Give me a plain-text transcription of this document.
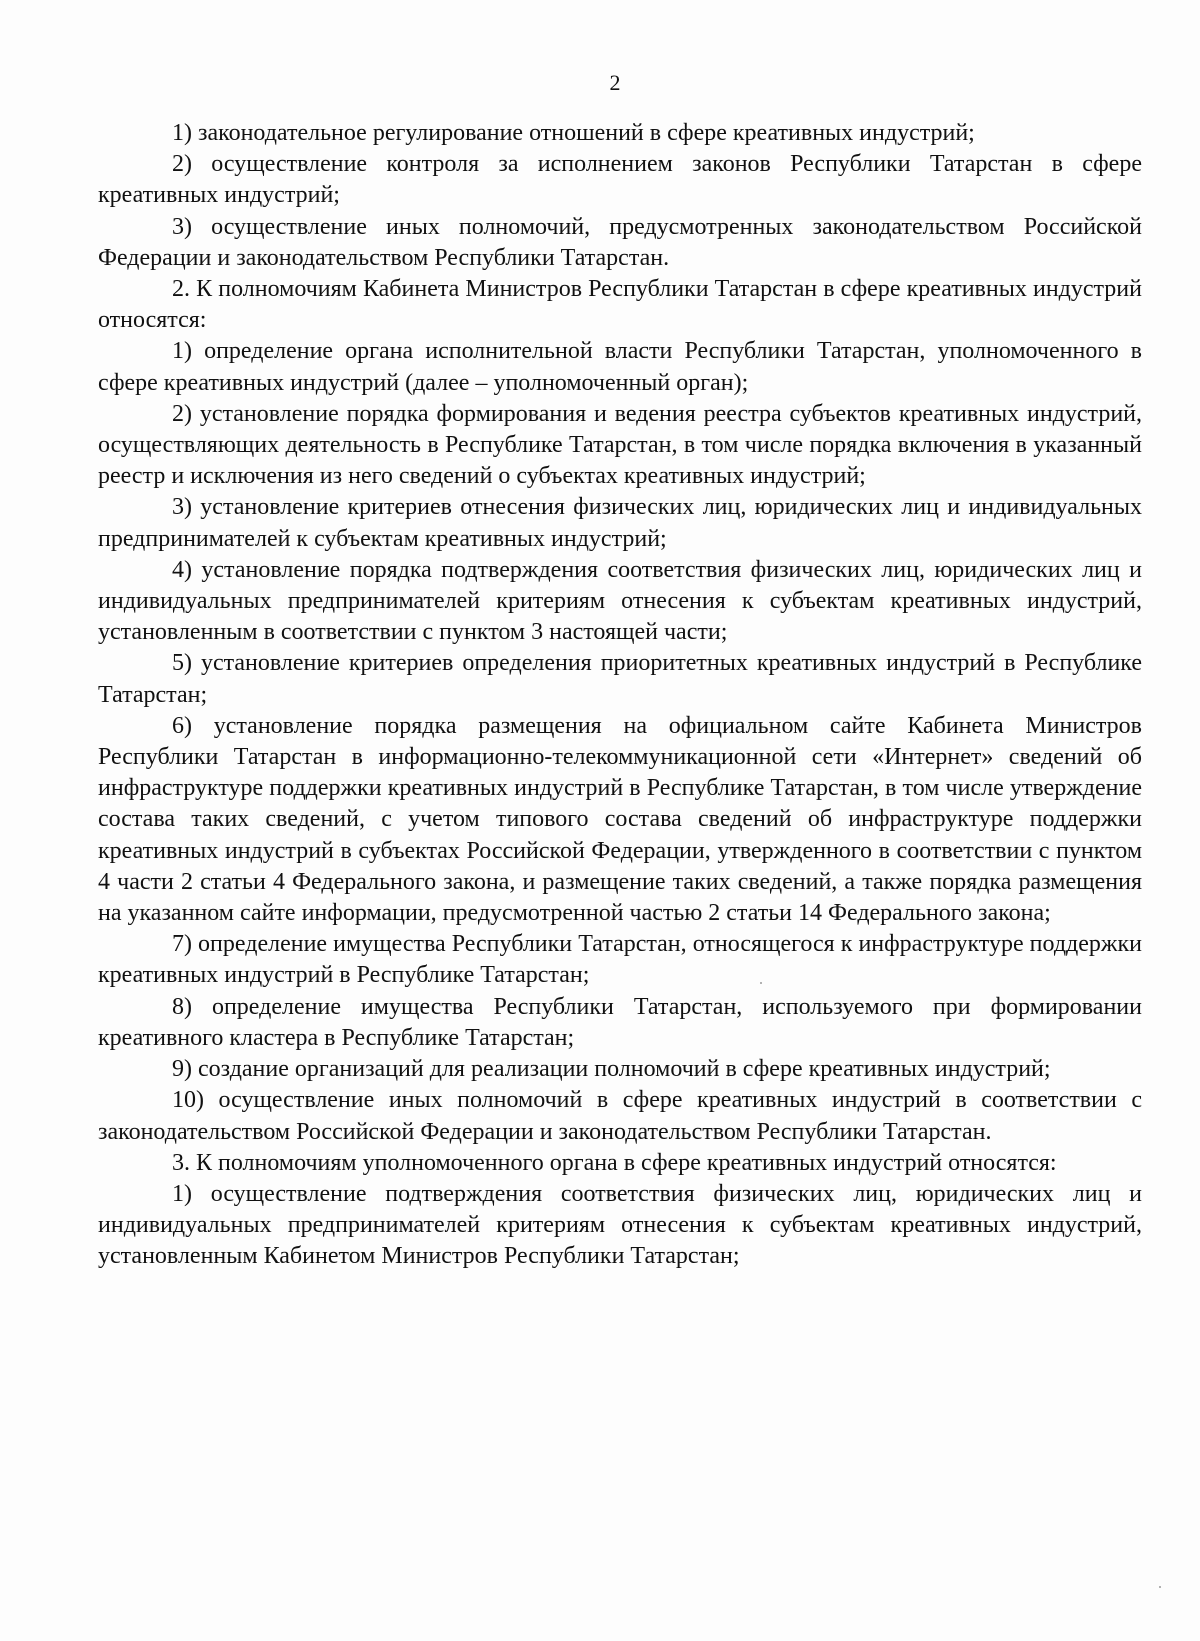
2

1) законодательное регулирование отношений в сфере креативных индустрий;

2) осуществление контроля за исполнением законов Республики Татарстан в сфере креативных индустрий;

3) осуществление иных полномочий, предусмотренных законодательством Российской Федерации и законодательством Республики Татарстан.

2. К полномочиям Кабинета Министров Республики Татарстан в сфере креативных индустрий относятся:

1) определение органа исполнительной власти Республики Татарстан, уполномоченного в сфере креативных индустрий (далее – уполномоченный орган);

2) установление порядка формирования и ведения реестра субъектов креативных индустрий, осуществляющих деятельность в Республике Татарстан, в том числе порядка включения в указанный реестр и исключения из него сведений о субъектах креативных индустрий;

3) установление критериев отнесения физических лиц, юридических лиц и индивидуальных предпринимателей к субъектам креативных индустрий;

4) установление порядка подтверждения соответствия физических лиц, юридических лиц и индивидуальных предпринимателей критериям отнесения к субъектам креативных индустрий, установленным в соответствии с пунктом 3 настоящей части;

5) установление критериев определения приоритетных креативных индустрий в Республике Татарстан;

6) установление порядка размещения на официальном сайте Кабинета Министров Республики Татарстан в информационно-телекоммуникационной сети «Интернет» сведений об инфраструктуре поддержки креативных индустрий в Республике Татарстан, в том числе утверждение состава таких сведений, с учетом типового состава сведений об инфраструктуре поддержки креативных индустрий в субъектах Российской Федерации, утвержденного в соответствии с пунктом 4 части 2 статьи 4 Федерального закона, и размещение таких сведений, а также порядка размещения на указанном сайте информации, предусмотренной частью 2 статьи 14 Федерального закона;

7) определение имущества Республики Татарстан, относящегося к инфраструктуре поддержки креативных индустрий в Республике Татарстан;

8) определение имущества Республики Татарстан, используемого при формировании креативного кластера в Республике Татарстан;

9) создание организаций для реализации полномочий в сфере креативных индустрий;

10) осуществление иных полномочий в сфере креативных индустрий в соответствии с законодательством Российской Федерации и законодательством Республики Татарстан.

3. К полномочиям уполномоченного органа в сфере креативных индустрий относятся:

1) осуществление подтверждения соответствия физических лиц, юридических лиц и индивидуальных предпринимателей критериям отнесения к субъектам креативных индустрий, установленным Кабинетом Министров Республики Татарстан;
